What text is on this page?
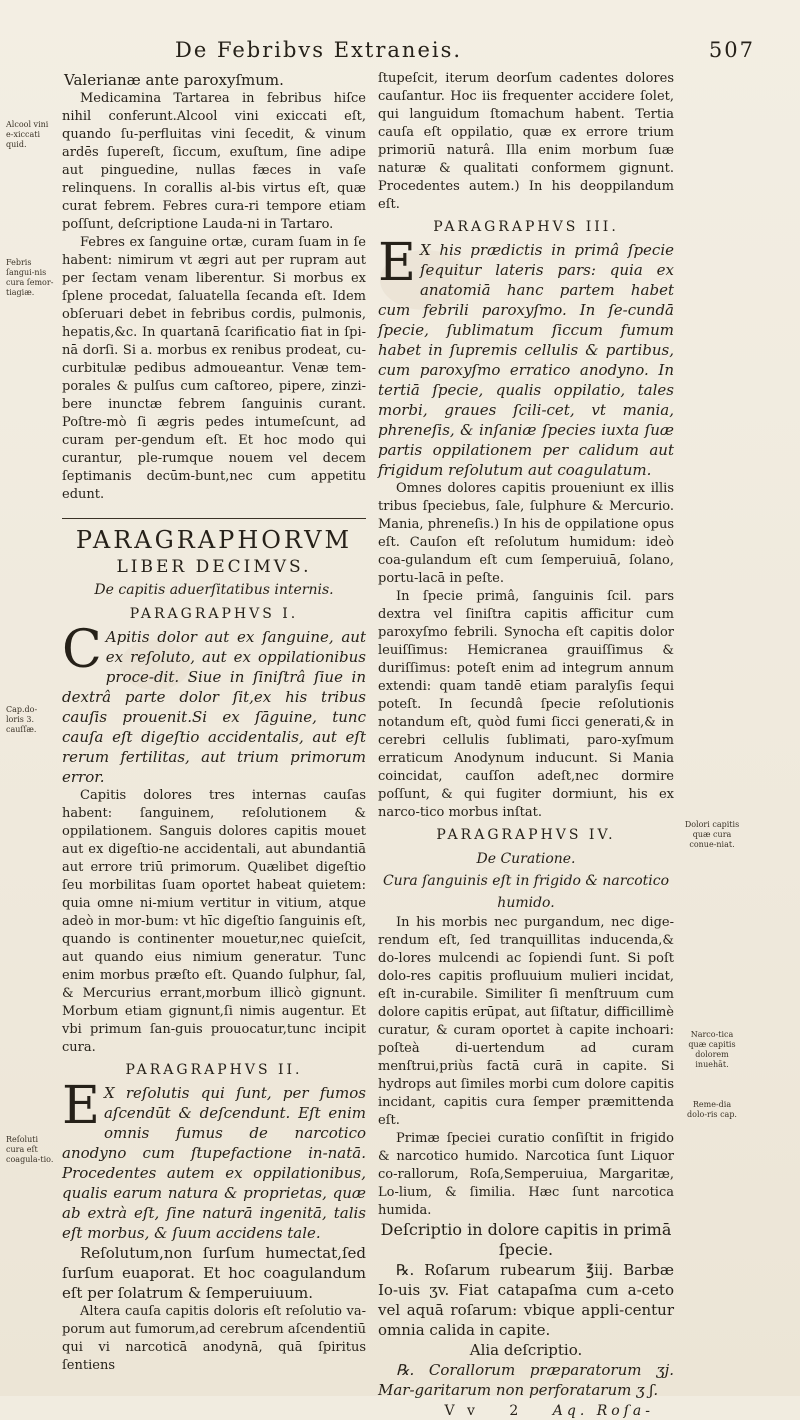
De Febribvs Extraneis.	507
Alcool vini e-xiccati quid.
Febris ſangui-nis cura ſemor-tiagiæ.
Cap.do-loris 3. cauſſæ.
Reſoluti cura eſt coagula-tio.
Dolori capitis quæ cura conue-niat.
Narco-tica quæ capitis dolorem inuehāt.
Reme-dia dolo-ris cap.

Valerianæ ante paroxyſmum.

Medicamina Tartarea in febribus hiſce nihil conferunt.Alcool vini exiccati eſt, quando ſu-perfluitas vini ſecedit, & vinum ardēs ſupereſt, ſiccum, exuſtum, ſine adipe aut pinguedine, nullas fæces in vaſe relinquens. In corallis al-bis virtus eſt, quæ curat febrem. Febres cura-ri tempore etiam poſſunt, deſcriptione Lauda-ni in Tartaro.

Febres ex ſanguine ortæ, curam ſuam in ſe habent: nimirum vt ægri aut per rupram aut per ſectam venam liberentur. Si morbus ex ſplene procedat, ſaluatella ſecanda eſt. Idem obſeruari debet in febribus cordis, pulmonis, hepatis,&c. In quartanā ſcarificatio fiat in ſpi-nā dorſi. Si a. morbus ex renibus prodeat, cu-curbitulæ pedibus admoueantur. Venæ tem-porales & pulſus cum caſtoreo, pipere, zinzi-bere inunctæ febrem ſanguinis curant. Poſtre-mò ſi ægris pedes intumeſcunt, ad curam per-gendum eſt. Et hoc modo qui curantur, ple-rumque nouem vel decem ſeptimanis decūm-bunt,nec cum appetitu edunt.

PARAGRAPHORVM
LIBER DECIMVS.
De capitis aduerſitatibus internis.
PARAGRAPHVS I.

C Apitis dolor aut ex ſanguine, aut ex reſoluto, aut ex oppilationibus proce-dit. Siue in ſiniſtrâ ſiue in dextrâ parte dolor ſit,ex his tribus cauſis prouenit.Si ex ſāguine, tunc cauſa eſt digeſtio accidentalis, aut eſt rerum fertilitas, aut trium primorum error.

Capitis dolores tres internas cauſas habent: ſanguinem, reſolutionem & oppilationem. Sanguis dolores capitis mouet aut ex digeſtio-ne accidentali, aut abundantiā aut errore triū primorum. Quælibet digeſtio ſeu morbilitas ſuam oportet habeat quietem: quia omne ni-mium vertitur in vitium, atque adeò in mor-bum: vt hīc digeſtio ſanguinis eſt, quando is continenter mouetur,nec quieſcit, aut quando eius nimium generatur. Tunc enim morbus præſto eſt. Quando ſulphur, ſal, & Mercurius errant,morbum illicò gignunt. Morbum etiam gignunt,ſi nimis augentur. Et vbi primum ſan-guis prouocatur,tunc incipit cura.

PARAGRAPHVS II.

E X reſolutis qui ſunt, per fumos aſcendūt & deſcendunt. Eſt enim omnis fumus de narcotico anodyno cum ſtupefactione in-natā. Procedentes autem ex oppilationibus, qualis earum natura & proprietas, quæ ab extrà eſt, ſine naturā ingenitā, talis eſt morbus, & ſuum accidens tale.

Reſolutum,non ſurſum humectat,ſed ſurſum euaporat. Et hoc coagulandum eſt per ſolatrum & ſemperuiuum.

Altera cauſa capitis doloris eſt reſolutio va-porum aut fumorum,ad cerebrum aſcendentiū qui vi narcoticā anodynā, quā ſpiritus ſentiens

ſtupeſcit, iterum deorſum cadentes dolores cauſantur. Hoc iis frequenter accidere ſolet, qui languidum ſtomachum habent. Tertia cauſa eſt oppilatio, quæ ex errore trium primoriū naturâ. Illa enim morbum ſuæ naturæ & qualitati conformem gignunt. Procedentes autem.) In his deoppilandum eſt.

PARAGRAPHVS III.

E X his prædictis in primâ ſpecie ſequitur lateris pars: quia ex anatomiā hanc partem habet cum febrili paroxyſmo. In ſe-cundā ſpecie, ſublimatum ſiccum fumum habet in ſupremis cellulis & partibus, cum paroxyſmo erratico anodyno. In tertiā ſpecie, qualis oppilatio, tales morbi, graues ſcili-cet, vt mania, phreneſis, & inſaniæ ſpecies iuxta ſuæ partis oppilationem per calidum aut frigidum reſolutum aut coagulatum.

Omnes dolores capitis proueniunt ex illis tribus ſpeciebus, ſale, ſulphure & Mercurio. Mania, phreneſis.) In his de oppilatione opus eſt. Cauſon eſt reſolutum humidum: ideò coa-gulandum eſt cum ſemperuiuā, ſolano, portu-lacā in peſte.

In ſpecie primâ, ſanguinis ſcil. pars dextra vel ſiniſtra capitis afficitur cum paroxyſmo febrili. Synocha eſt capitis dolor leuiſſimus: Hemicranea grauiſſimus & duriſſimus: poteſt enim ad integrum annum extendi: quam tandē etiam paralyſis ſequi poteſt. In ſecundâ ſpecie reſolutionis notandum eſt, quòd fumi ſicci generati,& in cerebri cellulis ſublimati, paro-xyſmum erraticum Anodynum inducunt. Si Mania coincidat, cauſſon adeſt,nec dormire poſſunt, & qui fugiter dormiunt, his ex narco-tico morbus inſtat.

PARAGRAPHVS IV.
De Curatione.
Cura ſanguinis eſt in frigido & narcotico humido.

In his morbis nec purgandum, nec dige-rendum eſt, ſed tranquillitas inducenda,& do-lores mulcendi ac ſopiendi ſunt. Si poſt dolo-res capitis profluuium mulieri incidat, eſt in-curabile. Similiter ſi menſtruum cum dolore capitis erūpat, aut ſiſtatur, difficillimè curatur, & curam oportet à capite inchoari: poſteà di-uertendum ad curam menſtrui,priùs factā curā in capite. Si hydrops aut ſimiles morbi cum dolore capitis incidant, capitis cura ſemper præmittenda eſt.

Primæ ſpeciei curatio conſiſtit in frigido & narcotico humido. Narcotica ſunt Liquor co-rallorum, Roſa,Semperuiua, Margaritæ, Lo-lium, & ſimilia. Hæc ſunt narcotica humida.

Deſcriptio in dolore capitis in primā
ſpecie.

℞. Roſarum rubearum ℥iij. Barbæ Io-uis ʒv. Fiat catapaſma cum a-ceto vel aquā roſarum: vbique appli-centur omnia calida in capite.

Alia deſcriptio.

℞. Corallorum præparatorum ʒj. Mar-garitarum non perforatarum ʒ ʃ.

V v 2 Aq. Roſa-
